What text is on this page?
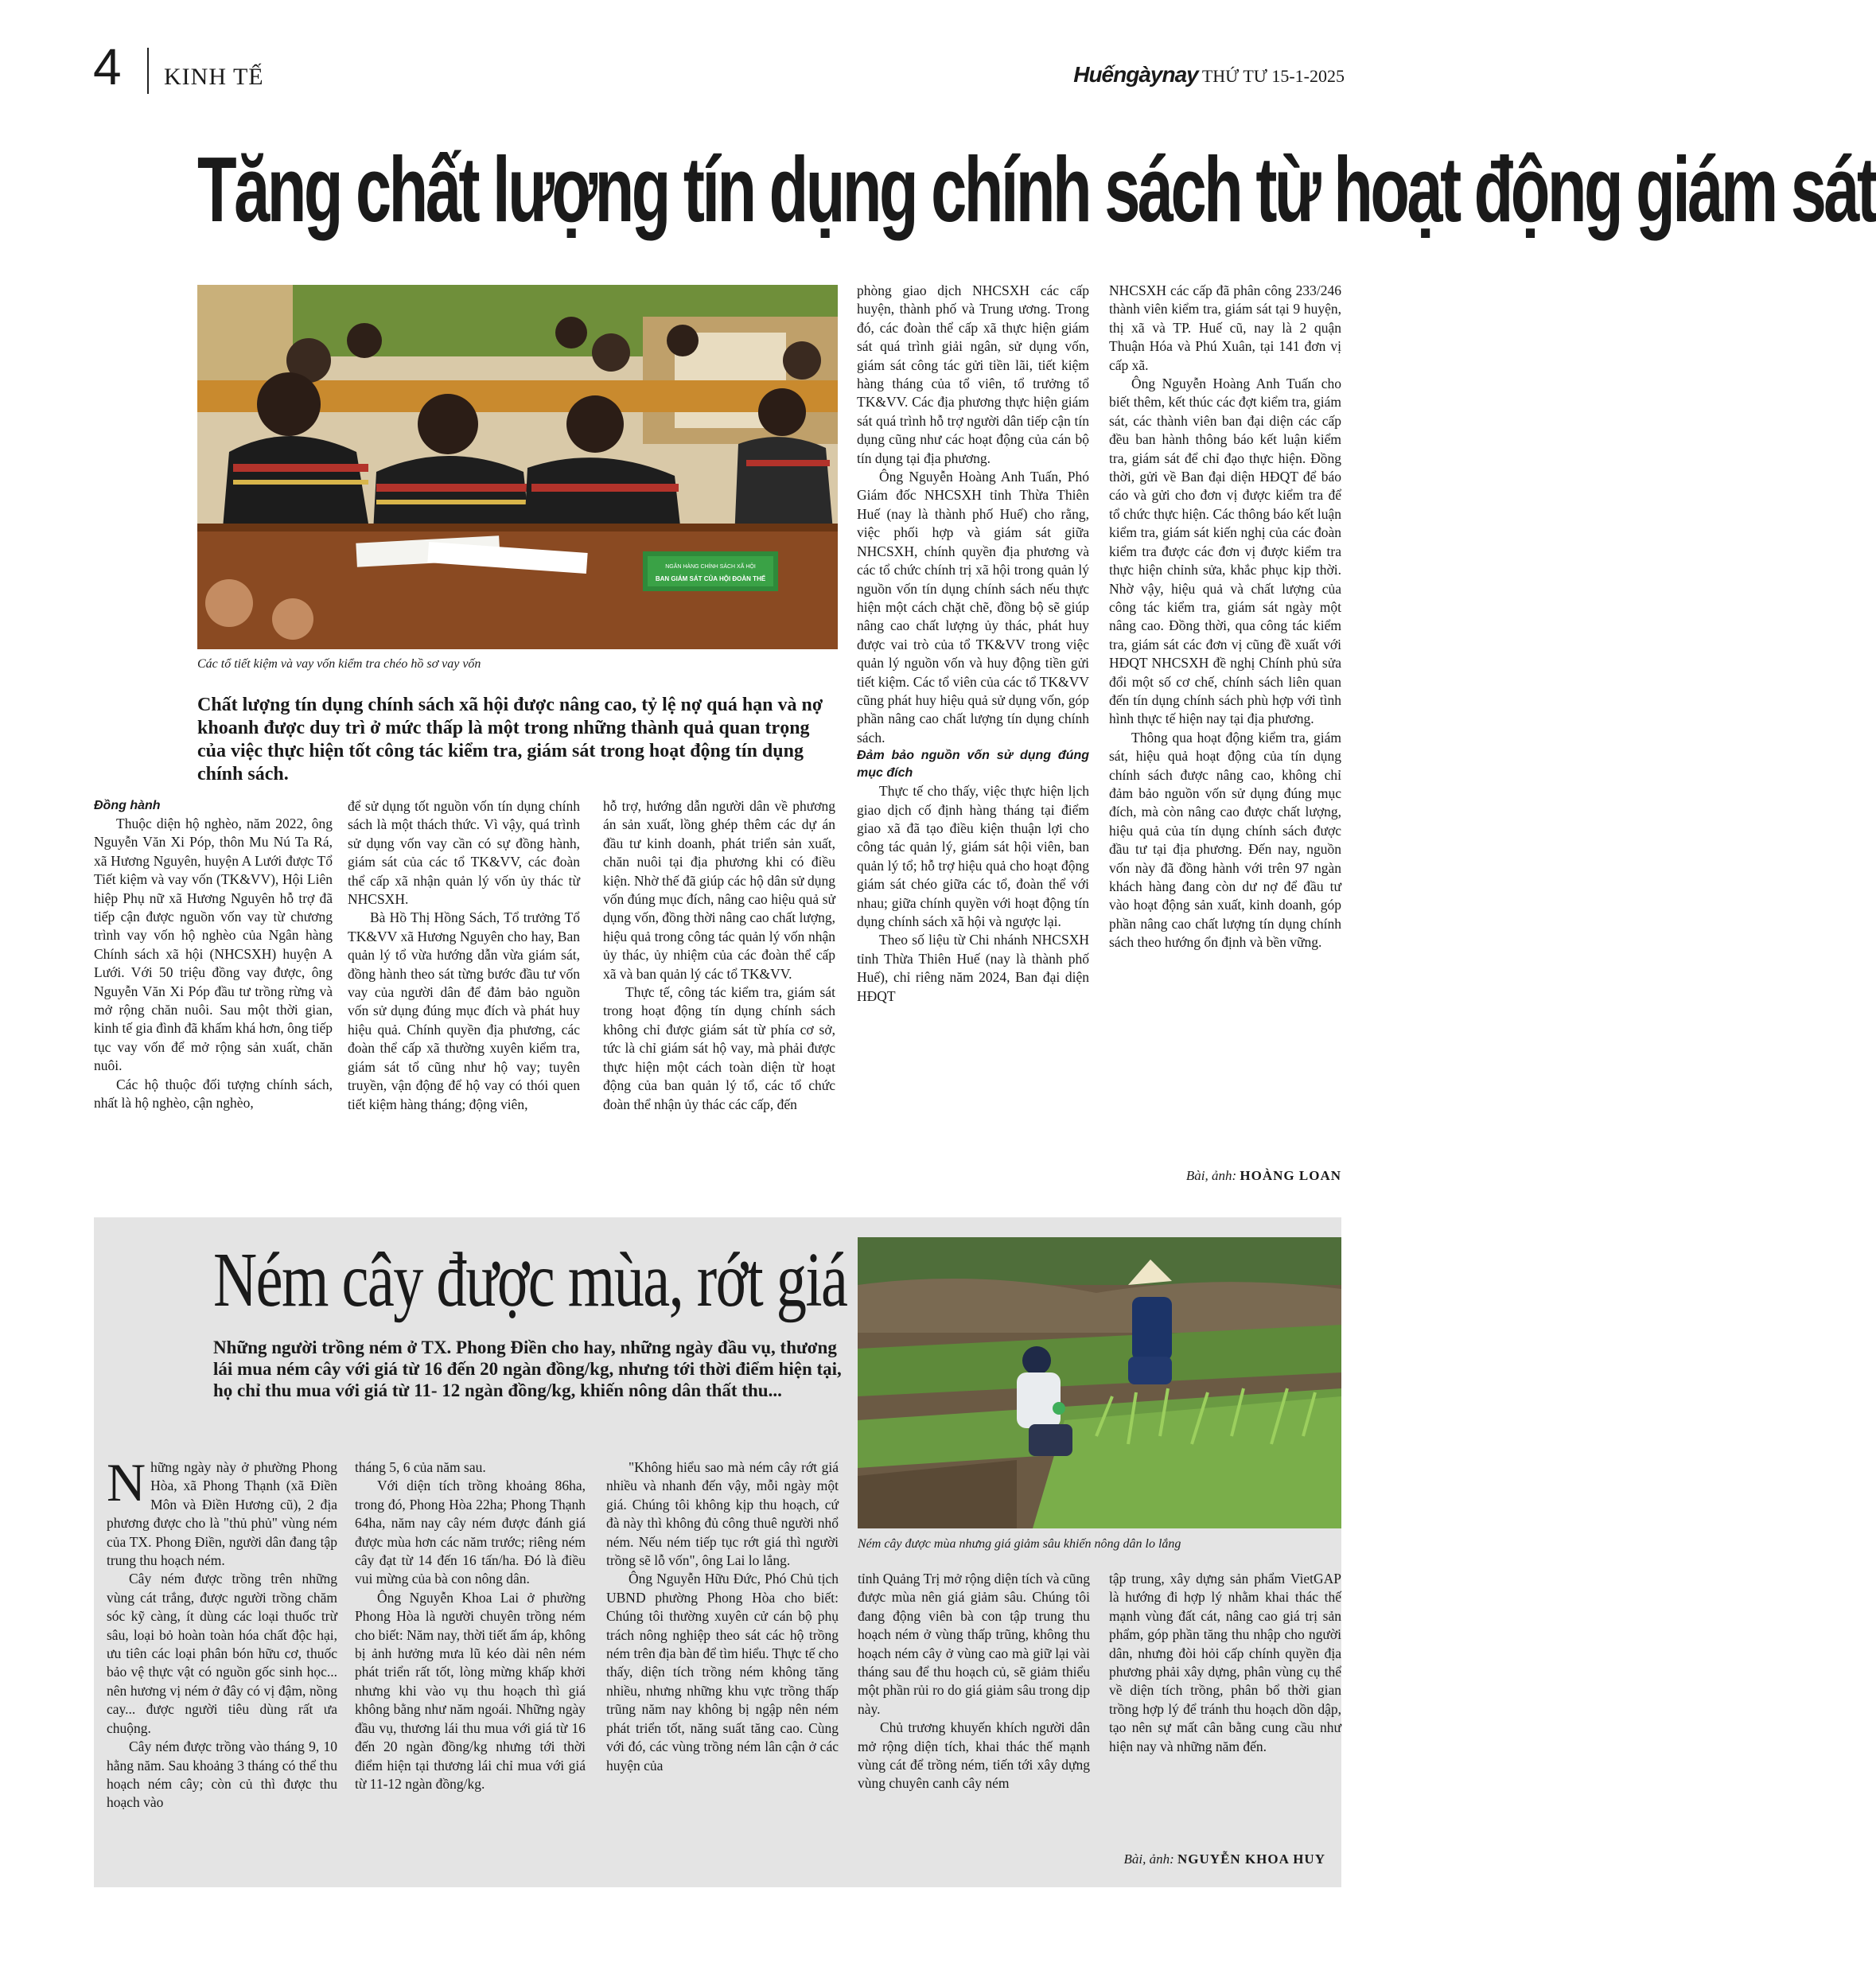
4 KINH TẾ	Huếngàynay THỨ TƯ 15-1-2025
Tăng chất lượng tín dụng chính sách từ hoạt động giám sát
NGÂN HÀNG CHÍNH SÁCH XÃ HỘI
BAN GIÁM SÁT CỦA HỘI ĐOÀN THỂ
Các tổ tiết kiệm và vay vốn kiểm tra chéo hồ sơ vay vốn
Chất lượng tín dụng chính sách xã hội được nâng cao, tỷ lệ nợ quá hạn và nợ khoanh được duy trì ở mức thấp là một trong những thành quả quan trọng của việc thực hiện tốt công tác kiểm tra, giám sát trong hoạt động tín dụng chính sách.

Đồng hành

Thuộc diện hộ nghèo, năm 2022, ông Nguyễn Văn Xi Póp, thôn Mu Nú Ta Rá, xã Hương Nguyên, huyện A Lưới được Tổ Tiết kiệm và vay vốn (TK&VV), Hội Liên hiệp Phụ nữ xã Hương Nguyên hỗ trợ đã tiếp cận được nguồn vốn vay từ chương trình vay vốn hộ nghèo của Ngân hàng Chính sách xã hội (NHCSXH) huyện A Lưới. Với 50 triệu đồng vay được, ông Nguyễn Văn Xi Póp đầu tư trồng rừng và mở rộng chăn nuôi. Sau một thời gian, kinh tế gia đình đã khấm khá hơn, ông tiếp tục vay vốn để mở rộng sản xuất, chăn nuôi.

Các hộ thuộc đối tượng chính sách, nhất là hộ nghèo, cận nghèo,

để sử dụng tốt nguồn vốn tín dụng chính sách là một thách thức. Vì vậy, quá trình sử dụng vốn vay cần có sự đồng hành, giám sát của các tổ TK&VV, các đoàn thể cấp xã nhận quản lý vốn ủy thác từ NHCSXH.

Bà Hồ Thị Hồng Sách, Tổ trưởng Tổ TK&VV xã Hương Nguyên cho hay, Ban quản lý tổ vừa hướng dẫn vừa giám sát, đồng hành theo sát từng bước đầu tư vốn vay của người dân để đảm bảo nguồn vốn sử dụng đúng mục đích và phát huy hiệu quả. Chính quyền địa phương, các đoàn thể cấp xã thường xuyên kiểm tra, giám sát tổ cũng như hộ vay; tuyên truyền, vận động để hộ vay có thói quen tiết kiệm hàng tháng; động viên,

hỗ trợ, hướng dẫn người dân về phương án sản xuất, lồng ghép thêm các dự án đầu tư kinh doanh, phát triển sản xuất, chăn nuôi tại địa phương khi có điều kiện. Nhờ thế đã giúp các hộ dân sử dụng vốn đúng mục đích, nâng cao hiệu quả sử dụng vốn, đồng thời nâng cao chất lượng, hiệu quả trong công tác quản lý vốn nhận ủy thác, ủy nhiệm của các đoàn thể cấp xã và ban quản lý các tổ TK&VV.

Thực tế, công tác kiểm tra, giám sát trong hoạt động tín dụng chính sách không chỉ được giám sát từ phía cơ sở, tức là chỉ giám sát hộ vay, mà phải được thực hiện một cách toàn diện từ hoạt động của ban quản lý tổ, các tổ chức đoàn thể nhận ủy thác các cấp, đến

phòng giao dịch NHCSXH các cấp huyện, thành phố và Trung ương. Trong đó, các đoàn thể cấp xã thực hiện giám sát quá trình giải ngân, sử dụng vốn, giám sát công tác gửi tiền lãi, tiết kiệm hàng tháng của tổ viên, tổ trưởng tổ TK&VV. Các địa phương thực hiện giám sát quá trình hỗ trợ người dân tiếp cận tín dụng cũng như các hoạt động của cán bộ tín dụng tại địa phương.

Ông Nguyễn Hoàng Anh Tuấn, Phó Giám đốc NHCSXH tỉnh Thừa Thiên Huế (nay là thành phố Huế) cho rằng, việc phối hợp và giám sát giữa NHCSXH, chính quyền địa phương và các tổ chức chính trị xã hội trong quản lý nguồn vốn tín dụng chính sách nếu thực hiện một cách chặt chẽ, đồng bộ sẽ giúp nâng cao chất lượng ủy thác, phát huy được vai trò của tổ TK&VV trong việc quản lý nguồn vốn và huy động tiền gửi tiết kiệm. Các tổ viên của các tổ TK&VV cũng phát huy hiệu quả sử dụng vốn, góp phần nâng cao chất lượng tín dụng chính sách.

Đảm bảo nguồn vốn sử dụng đúng mục đích

Thực tế cho thấy, việc thực hiện lịch giao dịch cố định hàng tháng tại điểm giao xã đã tạo điều kiện thuận lợi cho công tác quản lý, giám sát hội viên, ban quản lý tổ; hỗ trợ hiệu quả cho hoạt động giám sát chéo giữa các tổ, đoàn thể với nhau; giữa chính quyền với hoạt động tín dụng chính sách xã hội và ngược lại.

Theo số liệu từ Chi nhánh NHCSXH tỉnh Thừa Thiên Huế (nay là thành phố Huế), chỉ riêng năm 2024, Ban đại diện HĐQT

NHCSXH các cấp đã phân công 233/246 thành viên kiểm tra, giám sát tại 9 huyện, thị xã và TP. Huế cũ, nay là 2 quận Thuận Hóa và Phú Xuân, tại 141 đơn vị cấp xã.

Ông Nguyễn Hoàng Anh Tuấn cho biết thêm, kết thúc các đợt kiểm tra, giám sát, các thành viên ban đại diện các cấp đều ban hành thông báo kết luận kiểm tra, giám sát để chỉ đạo thực hiện. Đồng thời, gửi về Ban đại diện HĐQT để báo cáo và gửi cho đơn vị được kiểm tra để tổ chức thực hiện. Các thông báo kết luận kiểm tra, giám sát kiến nghị của các đoàn kiểm tra được các đơn vị được kiểm tra thực hiện chỉnh sửa, khắc phục kịp thời. Nhờ vậy, hiệu quả và chất lượng của công tác kiểm tra, giám sát ngày một nâng cao. Đồng thời, qua công tác kiểm tra, giám sát các đơn vị cũng đề xuất với HĐQT NHCSXH đề nghị Chính phủ sửa đổi một số cơ chế, chính sách liên quan đến tín dụng chính sách phù hợp với tình hình thực tế hiện nay tại địa phương.

Thông qua hoạt động kiểm tra, giám sát, hiệu quả hoạt động của tín dụng chính sách được nâng cao, không chỉ đảm bảo nguồn vốn sử dụng đúng mục đích, mà còn nâng cao được chất lượng, hiệu quả của tín dụng chính sách được đầu tư tại địa phương. Đến nay, nguồn vốn này đã đồng hành với trên 97 ngàn khách hàng đang còn dư nợ để đầu tư vào hoạt động sản xuất, kinh doanh, góp phần nâng cao chất lượng tín dụng chính sách theo hướng ổn định và bền vững.

Bài, ảnh: HOÀNG LOAN
Ném cây được mùa, rớt giá
Những người trồng ném ở TX. Phong Điền cho hay, những ngày đầu vụ, thương lái mua ném cây với giá từ 16 đến 20 ngàn đồng/kg, nhưng tới thời điểm hiện tại, họ chỉ thu mua với giá từ 11- 12 ngàn đồng/kg, khiến nông dân thất thu...
Ném cây được mùa nhưng giá giảm sâu khiến nông dân lo lắng

Những ngày này ở phường Phong Hòa, xã Phong Thạnh (xã Điền Môn và Điền Hương cũ), 2 địa phương được cho là "thủ phủ" vùng ném của TX. Phong Điền, người dân đang tập trung thu hoạch ném.

Cây ném được trồng trên những vùng cát trắng, được người trồng chăm sóc kỹ càng, ít dùng các loại thuốc trừ sâu, loại bỏ hoàn toàn hóa chất độc hại, ưu tiên các loại phân bón hữu cơ, thuốc bảo vệ thực vật có nguồn gốc sinh học... nên hương vị ném ở đây có vị đậm, nồng cay... được người tiêu dùng rất ưa chuộng.

Cây ném được trồng vào tháng 9, 10 hằng năm. Sau khoảng 3 tháng có thể thu hoạch ném cây; còn củ thì được thu hoạch vào

tháng 5, 6 của năm sau.

Với diện tích trồng khoảng 86ha, trong đó, Phong Hòa 22ha; Phong Thạnh 64ha, năm nay cây ném được đánh giá được mùa hơn các năm trước; riêng ném cây đạt từ 14 đến 16 tấn/ha. Đó là điều vui mừng của bà con nông dân.

Ông Nguyễn Khoa Lai ở phường Phong Hòa là người chuyên trồng ném cho biết: Năm nay, thời tiết ấm áp, không bị ảnh hưởng mưa lũ kéo dài nên ném phát triển rất tốt, lòng mừng khấp khởi nhưng khi vào vụ thu hoạch thì giá không bằng như năm ngoái. Những ngày đầu vụ, thương lái thu mua với giá từ 16 đến 20 ngàn đồng/kg nhưng tới thời điểm hiện tại thương lái chỉ mua với giá từ 11-12 ngàn đồng/kg.

"Không hiểu sao mà ném cây rớt giá nhiều và nhanh đến vậy, mỗi ngày một giá. Chúng tôi không kịp thu hoạch, cứ đà này thì không đủ công thuê người nhổ ném. Nếu ném tiếp tục rớt giá thì người trồng sẽ lỗ vốn", ông Lai lo lắng.

Ông Nguyễn Hữu Đức, Phó Chủ tịch UBND phường Phong Hòa cho biết: Chúng tôi thường xuyên cử cán bộ phụ trách nông nghiệp theo sát các hộ trồng ném trên địa bàn để tìm hiểu. Thực tế cho thấy, diện tích trồng ném không tăng nhiều, nhưng những khu vực trồng thấp trũng năm nay không bị ngập nên ném phát triển tốt, năng suất tăng cao. Cùng với đó, các vùng trồng ném lân cận ở các huyện của

tỉnh Quảng Trị mở rộng diện tích và cũng được mùa nên giá giảm sâu. Chúng tôi đang động viên bà con tập trung thu hoạch ném ở vùng thấp trũng, không thu hoạch ném cây ở vùng cao mà giữ lại vài tháng sau để thu hoạch củ, sẽ giảm thiểu một phần rủi ro do giá giảm sâu trong dịp này.

Chủ trương khuyến khích người dân mở rộng diện tích, khai thác thế mạnh vùng cát để trồng ném, tiến tới xây dựng vùng chuyên canh cây ném

tập trung, xây dựng sản phẩm VietGAP là hướng đi hợp lý nhằm khai thác thế mạnh vùng đất cát, nâng cao giá trị sản phẩm, góp phần tăng thu nhập cho người dân, nhưng đòi hỏi cấp chính quyền địa phương phải xây dựng, phân vùng cụ thể về diện tích trồng, phân bổ thời gian trồng hợp lý để tránh thu hoạch dồn dập, tạo nên sự mất cân bằng cung cầu như hiện nay và những năm đến.

Bài, ảnh: NGUYỄN KHOA HUY
